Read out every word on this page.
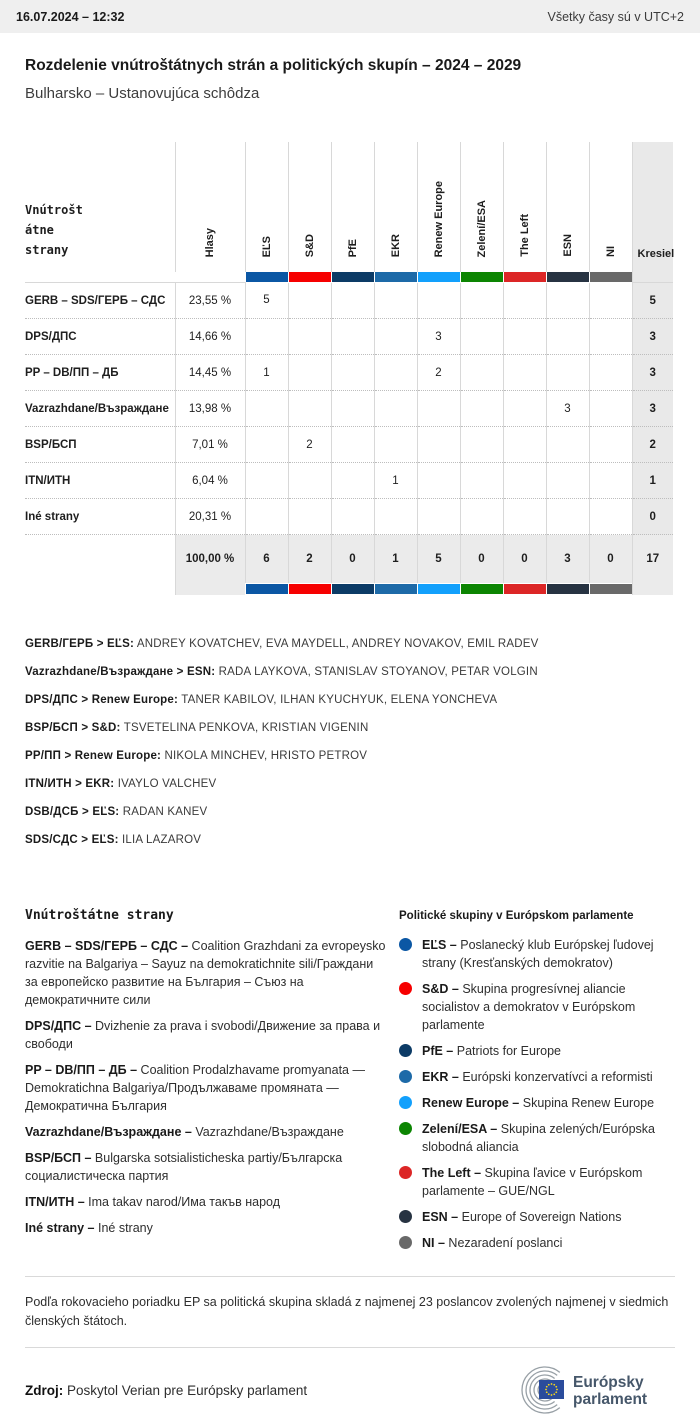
16.07.2024 – 12:32	Všetky časy sú v UTC+2
Rozdelenie vnútroštátnych strán a politických skupín – 2024 – 2029
Bulharsko – Ustanovujúca schôdza
Vnútrošt
átne
strany	Hlasy	EĽS	S&D	PfE	EKR	Renew Europe	Zelení/ESA	The Left	ESN	NI	Kresiel

GERB – SDS/ГЕРБ – СДС	23,55 %	5									5
DPS/ДПС	14,66 %					3					3
PP – DB/ПП – ДБ	14,45 %	1				2					3
Vazrazhdane/Възраждане	13,98 %								3		3
BSP/БСП	7,01 %		2								2
ITN/ИТН	6,04 %				1						1
Iné strany	20,31 %										0
	100,00 %	6	2	0	1	5	0	0	3	0	17

GERB/ГЕРБ > EĽS: ANDREY KOVATCHEV, EVA MAYDELL, ANDREY NOVAKOV, EMIL RADEV

Vazrazhdane/Възраждане > ESN: RADA LAYKOVA, STANISLAV STOYANOV, PETAR VOLGIN

DPS/ДПС > Renew Europe: TANER KABILOV, ILHAN KYUCHYUK, ELENA YONCHEVA

BSP/БСП > S&D: TSVETELINA PENKOVA, KRISTIAN VIGENIN

PP/ПП > Renew Europe: NIKOLA MINCHEV, HRISTO PETROV

ITN/ИТН > EKR: IVAYLO VALCHEV

DSB/ДСБ > EĽS: RADAN KANEV

SDS/СДС > EĽS: ILIA LAZAROV

Vnútroštátne strany

GERB – SDS/ГЕРБ – СДС – Coalition Grazhdani za evropeysko razvitie na Balgariya – Sayuz na demokratichnite sili/Граждани за европейско развитие на България – Съюз на демократичните сили

DPS/ДПС – Dvizhenie za prava i svobodi/Движение за права и свободи

PP – DB/ПП – ДБ – Coalition Prodalzhavame promyanata — Demokratichna Balgariya/Продължаваме промяната — Демократична България

Vazrazhdane/Възраждане – Vazrazhdane/Възраждане

BSP/БСП – Bulgarska sotsialisticheska partiy/Българска социалистическа партия

ITN/ИТН – Ima takav narod/Има такъв народ

Iné strany – Iné strany

Politické skupiny v Európskom parlamente

EĽS – Poslanecký klub Európskej ľudovej strany (Kresťanských demokratov)

S&D – Skupina progresívnej aliancie socialistov a demokratov v Európskom parlamente

PfE – Patriots for Europe

EKR – Európski konzervatívci a reformisti

Renew Europe – Skupina Renew Europe

Zelení/ESA – Skupina zelených/Európska slobodná aliancia

The Left – Skupina ľavice v Európskom parlamente – GUE/NGL

ESN – Europe of Sovereign Nations

NI – Nezaradení poslanci

Podľa rokovacieho poriadku EP sa politická skupina skladá z najmenej 23 poslancov zvolených najmenej v siedmich členských štátoch.

Zdroj: Poskytol Verian pre Európsky parlament	Európsky parlament
